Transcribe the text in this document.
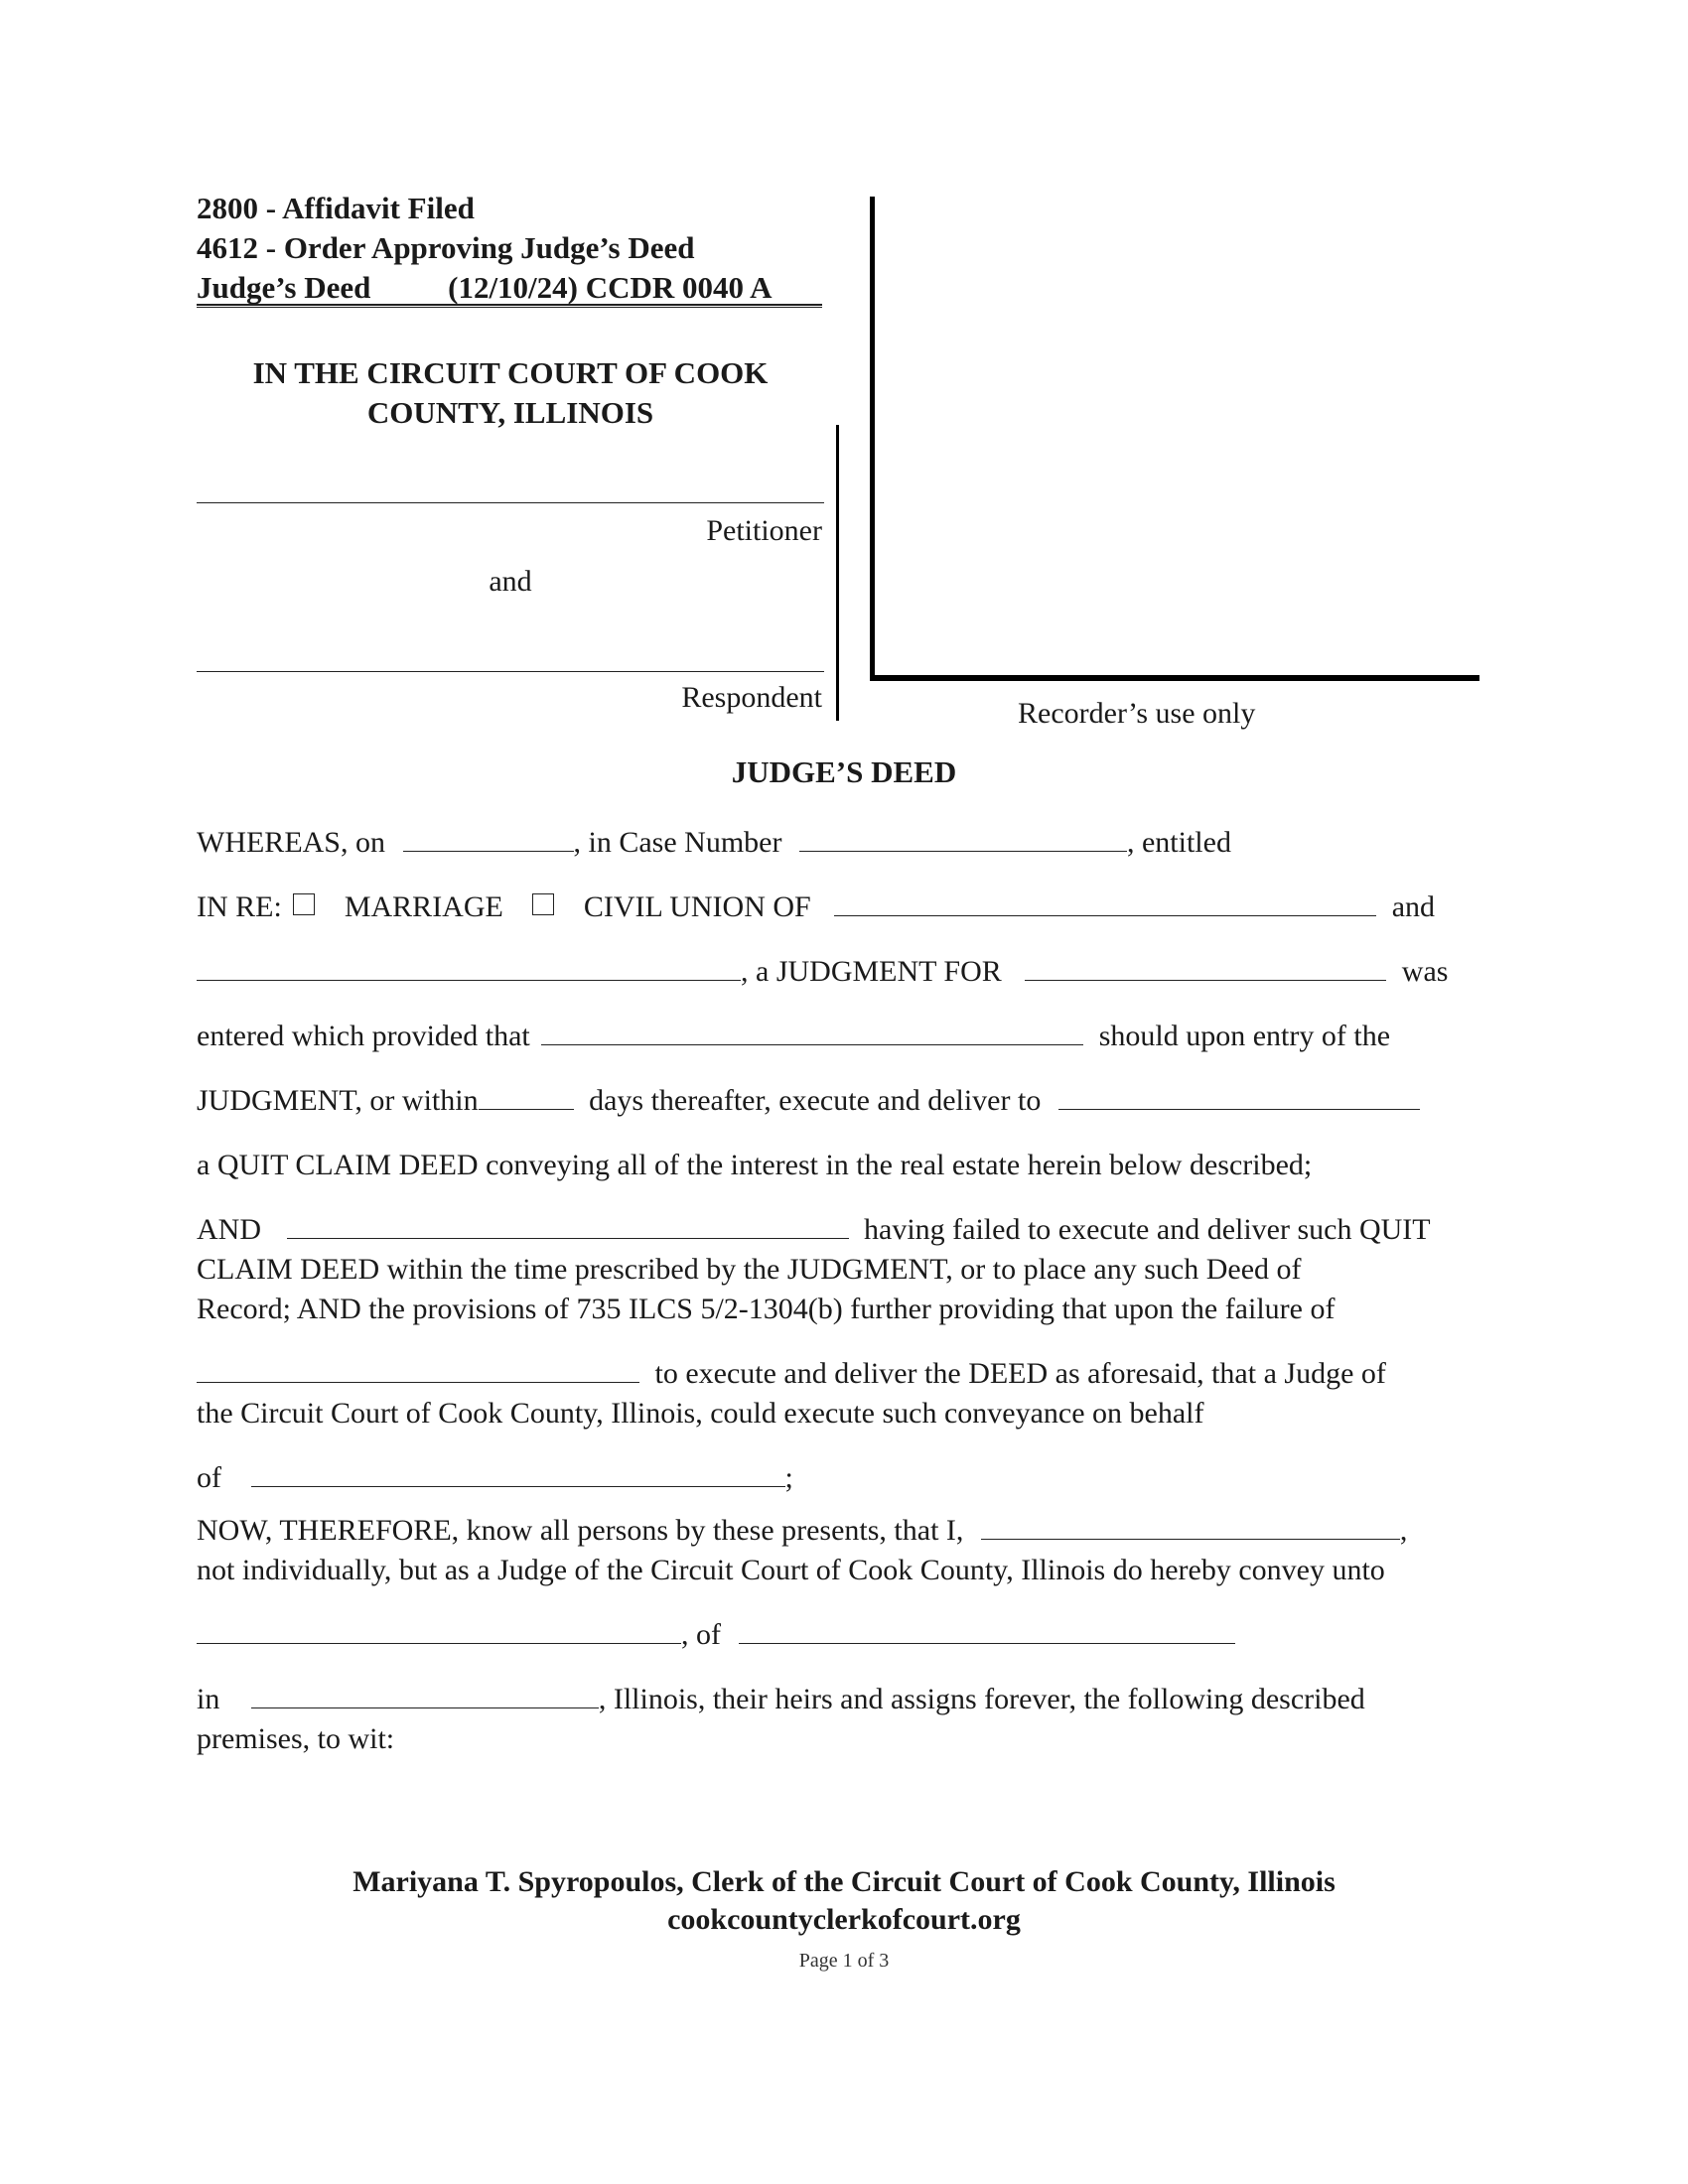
2800 - Affidavit Filed
4612 - Order Approving Judge’s Deed
Judge’s Deed	(12/10/24) CCDR 0040 A
IN THE CIRCUIT COURT OF COOK
COUNTY, ILLINOIS
Petitioner
and
Respondent	Recorder’s use only
JUDGE’S DEED
WHEREAS, on	, in Case Number	, entitled
IN RE: MARRIAGE	CIVIL UNION OF	and
, a JUDGMENT FOR	was
entered which provided that	should upon entry of the
JUDGMENT, or within	days thereafter, execute and deliver to
a QUIT CLAIM DEED conveying all of the interest in the real estate herein below described;
AND	having failed to execute and deliver such QUIT
CLAIM DEED within the time prescribed by the JUDGMENT, or to place any such Deed of
Record; AND the provisions of 735 ILCS 5/2-1304(b) further providing that upon the failure of
to execute and deliver the DEED as aforesaid, that a Judge of
the Circuit Court of Cook County, Illinois, could execute such conveyance on behalf
of	;
NOW, THEREFORE, know all persons by these presents, that I,	,
not individually, but as a Judge of the Circuit Court of Cook County, Illinois do hereby convey unto
, of
in	, Illinois, their heirs and assigns forever, the following described
premises, to wit:
Mariyana T. Spyropoulos, Clerk of the Circuit Court of Cook County, Illinois
cookcountyclerkofcourt.org
Page 1 of 3
